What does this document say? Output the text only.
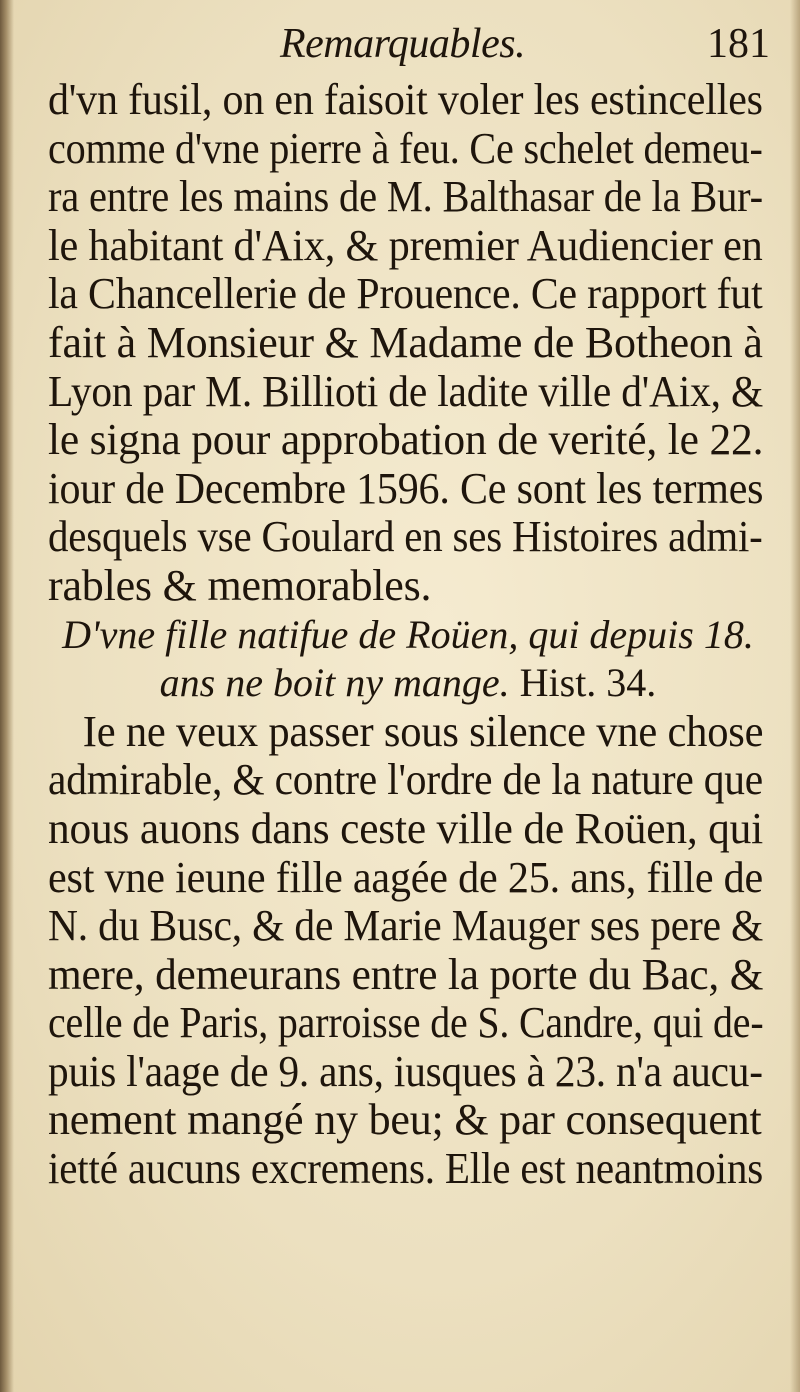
Remarquables.	181
d'vn fusil, on en faisoit voler les estincelles
comme d'vne pierre à feu. Ce schelet demeu-
ra entre les mains de M. Balthasar de la Bur-
le habitant d'Aix, & premier Audiencier en
la Chancellerie de Prouence. Ce rapport fut
fait à Monsieur & Madame de Botheon à
Lyon par M. Billioti de ladite ville d'Aix, &
le signa pour approbation de verité, le 22.
iour de Decembre 1596. Ce sont les termes
desquels vse Goulard en ses Histoires admi-
rables & memorables.
D'vne fille natifue de Roüen, qui depuis 18.
ans ne boit ny mange. Hist. 34.
Ie ne veux passer sous silence vne chose
admirable, & contre l'ordre de la nature que
nous auons dans ceste ville de Roüen, qui
est vne ieune fille aagée de 25. ans, fille de
N. du Busc, & de Marie Mauger ses pere &
mere, demeurans entre la porte du Bac, &
celle de Paris, parroisse de S. Candre, qui de-
puis l'aage de 9. ans, iusques à 23. n'a aucu-
nement mangé ny beu; & par consequent
ietté aucuns excremens. Elle est neantmoins
